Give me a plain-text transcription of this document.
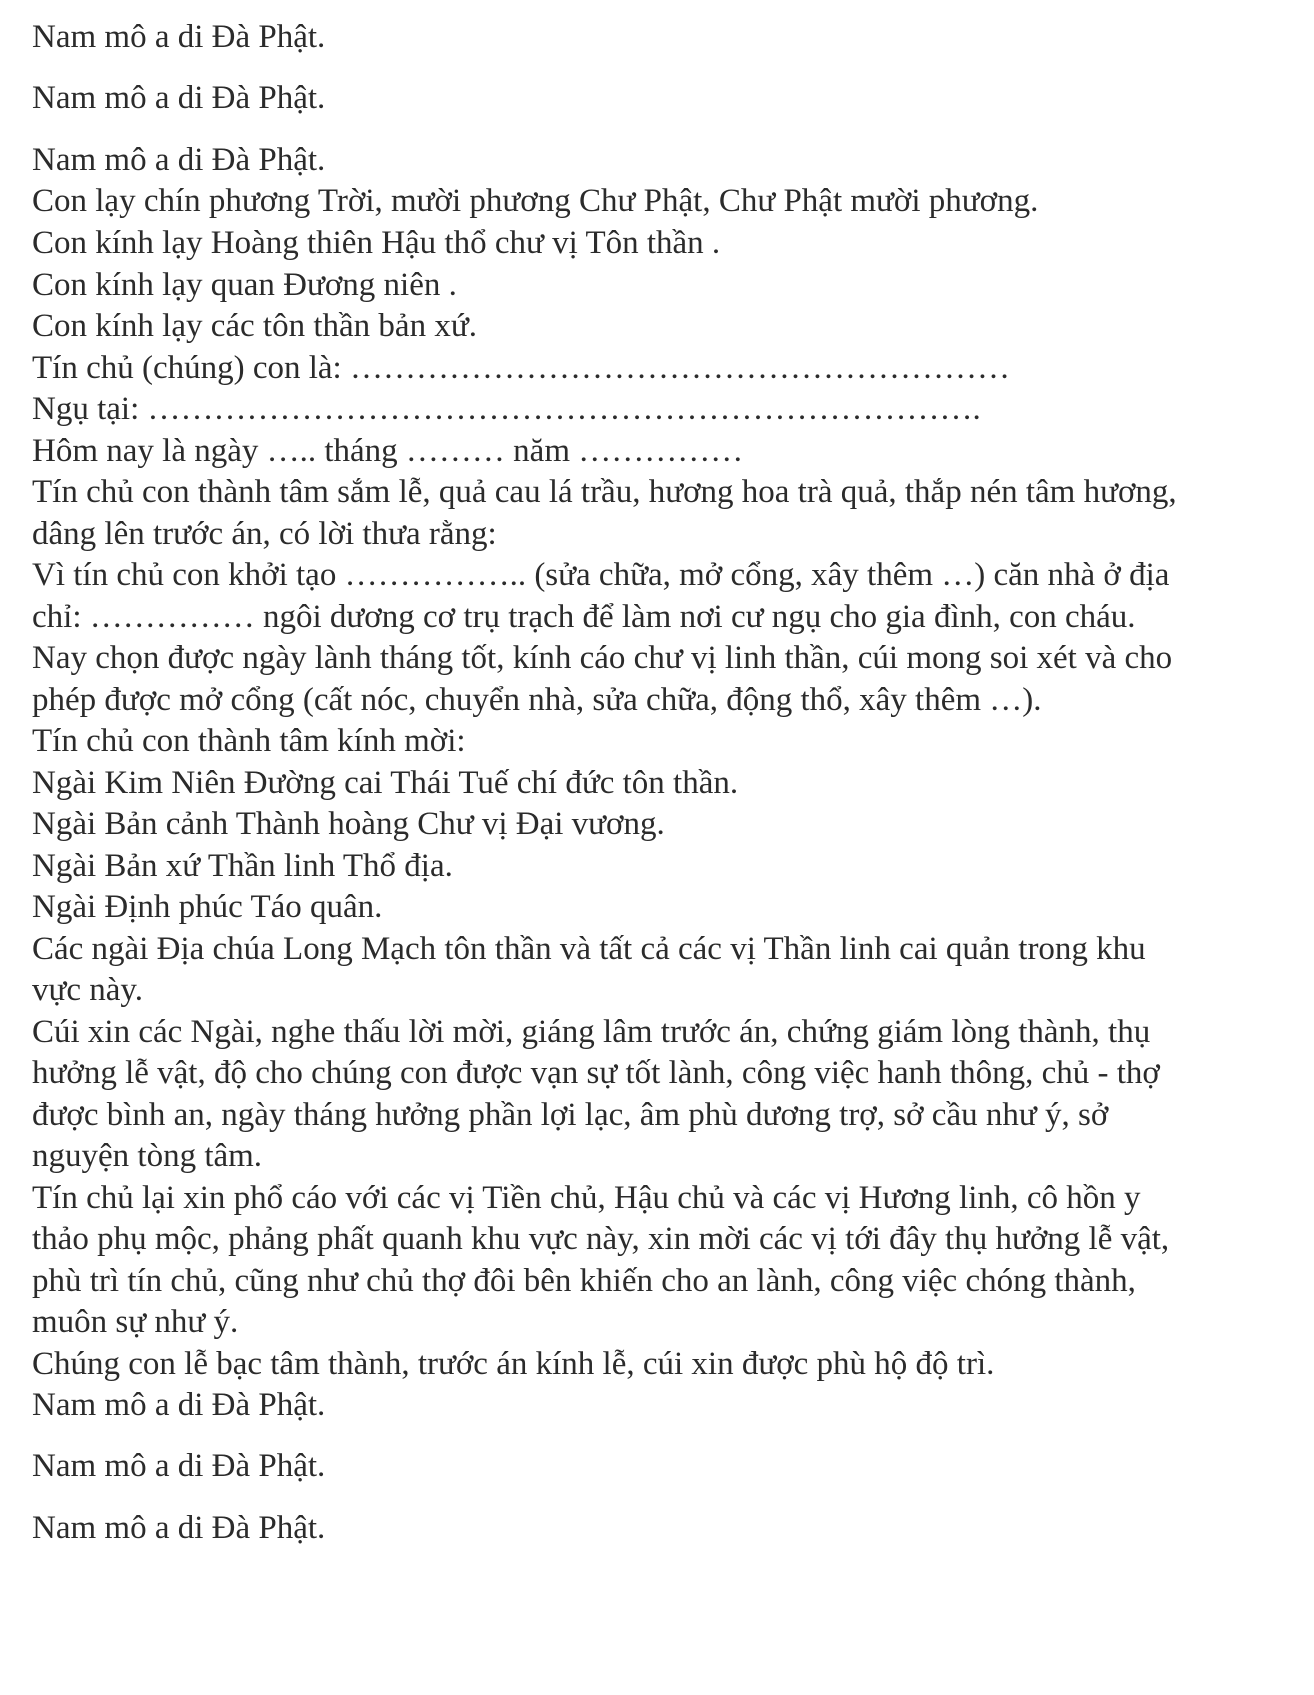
Nam mô a di Đà Phật.
Nam mô a di Đà Phật.
Nam mô a di Đà Phật.
Con lạy chín phương Trời, mười phương Chư Phật, Chư Phật mười phương.
Con kính lạy Hoàng thiên Hậu thổ chư vị Tôn thần .
Con kính lạy quan Đương niên .
Con kính lạy các tôn thần bản xứ.
Tín chủ (chúng) con là: ……………………………………………………
Ngụ tại: ………………………………………………………………….
Hôm nay là ngày ….. tháng ……… năm ……………
Tín chủ con thành tâm sắm lễ, quả cau lá trầu, hương hoa trà quả, thắp nén tâm hương,
dâng lên trước án, có lời thưa rằng:
Vì tín chủ con khởi tạo …………….. (sửa chữa, mở cổng, xây thêm …) căn nhà ở địa
chỉ: …………… ngôi dương cơ trụ trạch để làm nơi cư ngụ cho gia đình, con cháu.
Nay chọn được ngày lành tháng tốt, kính cáo chư vị linh thần, cúi mong soi xét và cho
phép được mở cổng (cất nóc, chuyển nhà, sửa chữa, động thổ, xây thêm …).
Tín chủ con thành tâm kính mời:
Ngài Kim Niên Đường cai Thái Tuế chí đức tôn thần.
Ngài Bản cảnh Thành hoàng Chư vị Đại vương.
Ngài Bản xứ Thần linh Thổ địa.
Ngài Định phúc Táo quân.
Các ngài Địa chúa Long Mạch tôn thần và tất cả các vị Thần linh cai quản trong khu
vực này.
Cúi xin các Ngài, nghe thấu lời mời, giáng lâm trước án, chứng giám lòng thành, thụ
hưởng lễ vật, độ cho chúng con được vạn sự tốt lành, công việc hanh thông, chủ - thợ
được bình an, ngày tháng hưởng phần lợi lạc, âm phù dương trợ, sở cầu như ý, sở
nguyện tòng tâm.
Tín chủ lại xin phổ cáo với các vị Tiền chủ, Hậu chủ và các vị Hương linh, cô hồn y
thảo phụ mộc, phảng phất quanh khu vực này, xin mời các vị tới đây thụ hưởng lễ vật,
phù trì tín chủ, cũng như chủ thợ đôi bên khiến cho an lành, công việc chóng thành,
muôn sự như ý.
Chúng con lễ bạc tâm thành, trước án kính lễ, cúi xin được phù hộ độ trì.
Nam mô a di Đà Phật.
Nam mô a di Đà Phật.
Nam mô a di Đà Phật.
